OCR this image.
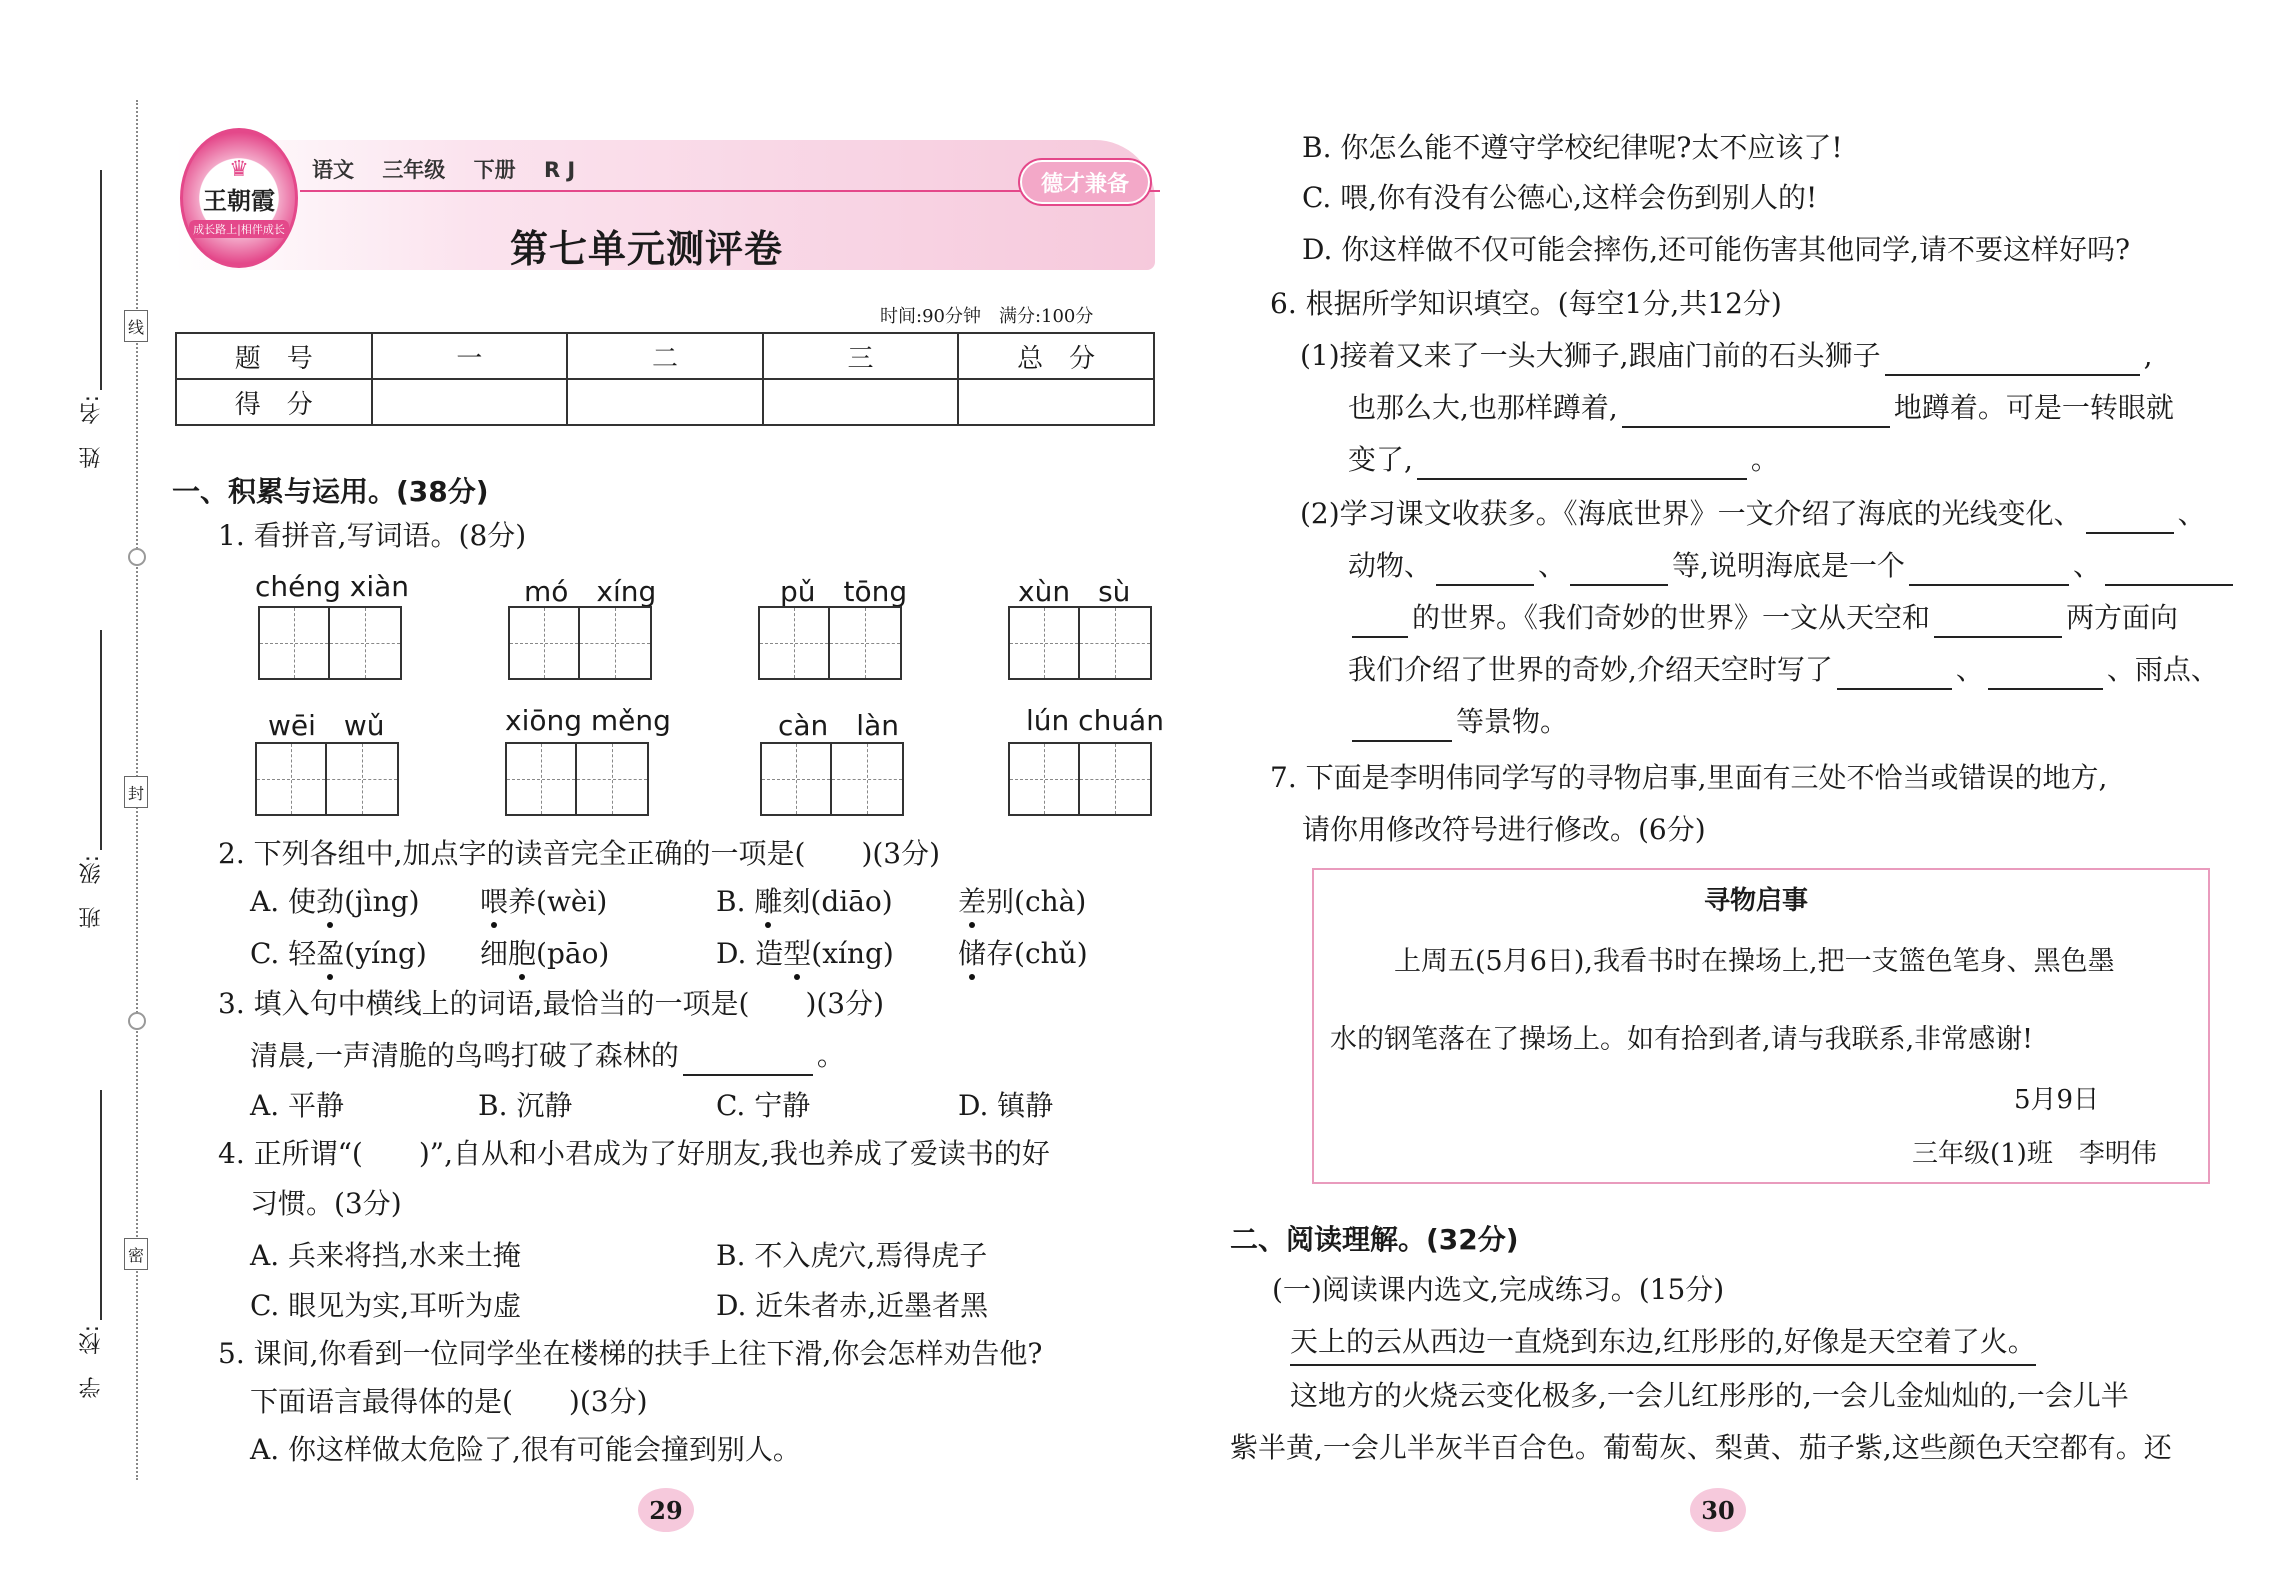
线
封
密
姓　名:
班　级:
学　校:
♛
王朝霞
成长路上|相伴成长
语文　 三年级　 下册　 R J
德才兼备
第七单元测评卷
时间:90分钟　满分:100分
题　号	一	二	三	总　分
得　分				
一、积累与运用。(38分)
1. 看拼音,写词语。(8分)
chéng xiàn	mó　xíng	pǔ　tōng	xùn　sù
wēi　wǔ	xiōng měng	càn　làn	lún chuán
2. 下列各组中,加点字的读音完全正确的一项是(　　)(3分)
A. 使劲(jìng) 喂养(wèi)	B. 雕刻(diāo) 差别(chà)
C. 轻盈(yíng) 细胞(pāo)	D. 造型(xíng) 储存(chǔ)
3. 填入句中横线上的词语,最恰当的一项是(　　)(3分)
清晨,一声清脆的鸟鸣打破了森林的	。
A. 平静	B. 沉静	C. 宁静	D. 镇静
4. 正所谓“(　　)”,自从和小君成为了好朋友,我也养成了爱读书的好
习惯。(3分)
A. 兵来将挡,水来土掩	B. 不入虎穴,焉得虎子
C. 眼见为实,耳听为虚	D. 近朱者赤,近墨者黑
5. 课间,你看到一位同学坐在楼梯的扶手上往下滑,你会怎样劝告他?
下面语言最得体的是(　　)(3分)
A. 你这样做太危险了,很有可能会撞到别人。
29
B. 你怎么能不遵守学校纪律呢?太不应该了!
C. 喂,你有没有公德心,这样会伤到别人的!
D. 你这样做不仅可能会摔伤,还可能伤害其他同学,请不要这样好吗?
6. 根据所学知识填空。(每空1分,共12分)
(1)接着又来了一头大狮子,跟庙门前的石头狮子	,
也那么大,也那样蹲着,	地蹲着。可是一转眼就
变了,	。
(2)学习课文收获多。《海底世界》一文介绍了海底的光线变化、	、
动物、	、	等,说明海底是一个	、
的世界。《我们奇妙的世界》一文从天空和	两方面向
我们介绍了世界的奇妙,介绍天空时写了	、	、雨点、
等景物。
7. 下面是李明伟同学写的寻物启事,里面有三处不恰当或错误的地方,
请你用修改符号进行修改。(6分)
寻物启事
上周五(5月6日),我看书时在操场上,把一支篮色笔身、黑色墨
水的钢笔落在了操场上。如有拾到者,请与我联系,非常感谢!
5月9日
三年级(1)班　李明伟
二、阅读理解。(32分)
(一)阅读课内选文,完成练习。(15分)
天上的云从西边一直烧到东边,红彤彤的,好像是天空着了火。
这地方的火烧云变化极多,一会儿红彤彤的,一会儿金灿灿的,一会儿半
紫半黄,一会儿半灰半百合色。葡萄灰、梨黄、茄子紫,这些颜色天空都有。还
30
